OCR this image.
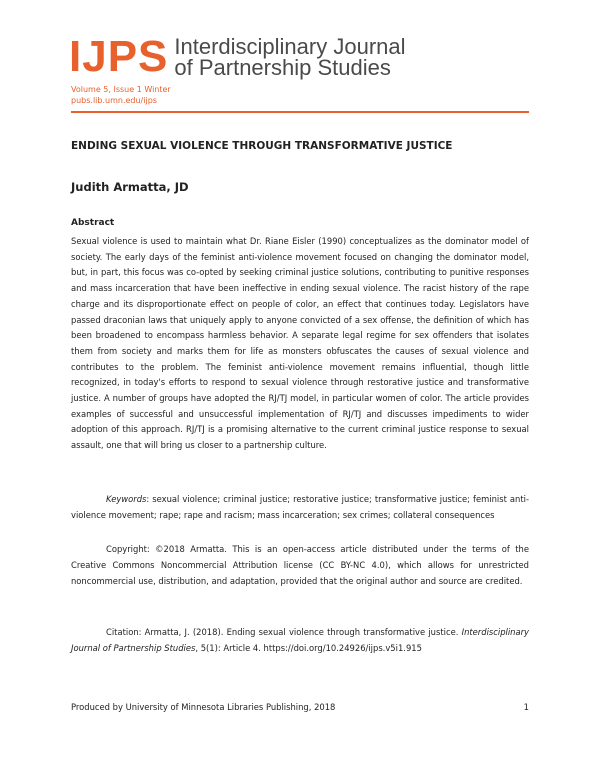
IJPS Interdisciplinary Journal
of Partnership Studies
Volume 5, Issue 1 Winter
pubs.lib.umn.edu/ijps
ENDING SEXUAL VIOLENCE THROUGH TRANSFORMATIVE JUSTICE
Judith Armatta, JD
Abstract
Sexual violence is used to maintain what Dr. Riane Eisler (1990) conceptualizes as the dominator model of society. The early days of the feminist anti-violence movement focused on changing the dominator model, but, in part, this focus was co-opted by seeking criminal justice solutions, contributing to punitive responses and mass incarceration that have been ineffective in ending sexual violence. The racist history of the rape charge and its disproportionate effect on people of color, an effect that continues today. Legislators have passed draconian laws that uniquely apply to anyone convicted of a sex offense, the definition of which has been broadened to encompass harmless behavior. A separate legal regime for sex offenders that isolates them from society and marks them for life as monsters obfuscates the causes of sexual violence and contributes to the problem. The feminist anti-violence movement remains influential, though little recognized, in today's efforts to respond to sexual violence through restorative justice and transformative justice. A number of groups have adopted the RJ/TJ model, in particular women of color. The article provides examples of successful and unsuccessful implementation of RJ/TJ and discusses impediments to wider adoption of this approach. RJ/TJ is a promising alternative to the current criminal justice response to sexual assault, one that will bring us closer to a partnership culture.
Keywords: sexual violence; criminal justice; restorative justice; transformative justice; feminist anti-violence movement; rape; rape and racism; mass incarceration; sex crimes; collateral consequences
Copyright: ©2018 Armatta. This is an open-access article distributed under the terms of the Creative Commons Noncommercial Attribution license (CC BY-NC 4.0), which allows for unrestricted noncommercial use, distribution, and adaptation, provided that the original author and source are credited.
Citation: Armatta, J. (2018). Ending sexual violence through transformative justice. Interdisciplinary Journal of Partnership Studies, 5(1): Article 4. https://doi.org/10.24926/ijps.v5i1.915
Produced by University of Minnesota Libraries Publishing, 2018	1
